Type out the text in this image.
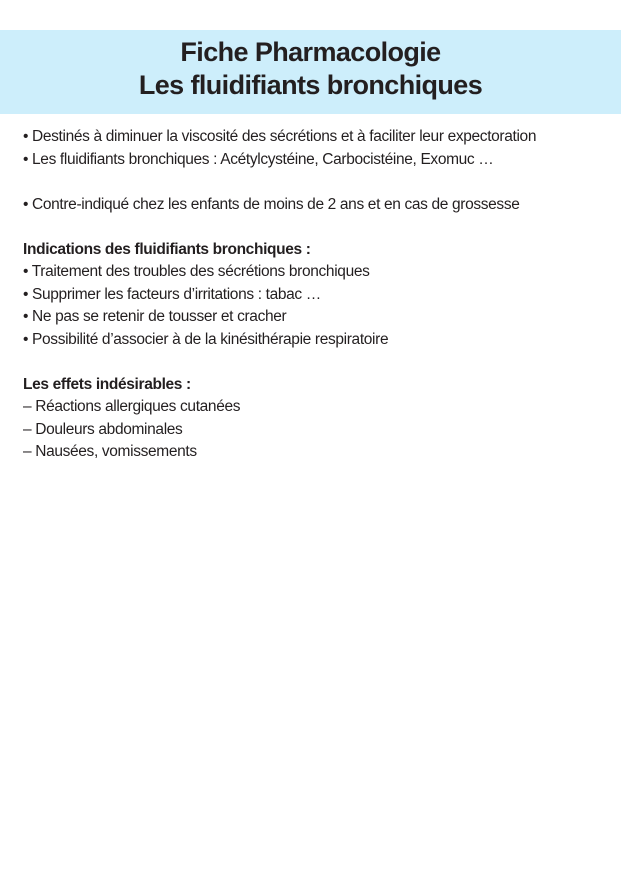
Fiche Pharmacologie
Les fluidifiants bronchiques
• Destinés à diminuer la viscosité des sécrétions et à faciliter leur expectoration
• Les fluidifiants bronchiques : Acétylcystéine, Carbocistéine, Exomuc …
• Contre-indiqué chez les enfants de moins de 2 ans et en cas de grossesse
Indications des fluidifiants bronchiques :
• Traitement des troubles des sécrétions bronchiques
• Supprimer les facteurs d’irritations : tabac …
• Ne pas se retenir de tousser et cracher
• Possibilité d’associer à de la kinésithérapie respiratoire
Les effets indésirables :
– Réactions allergiques cutanées
– Douleurs abdominales
– Nausées, vomissements
